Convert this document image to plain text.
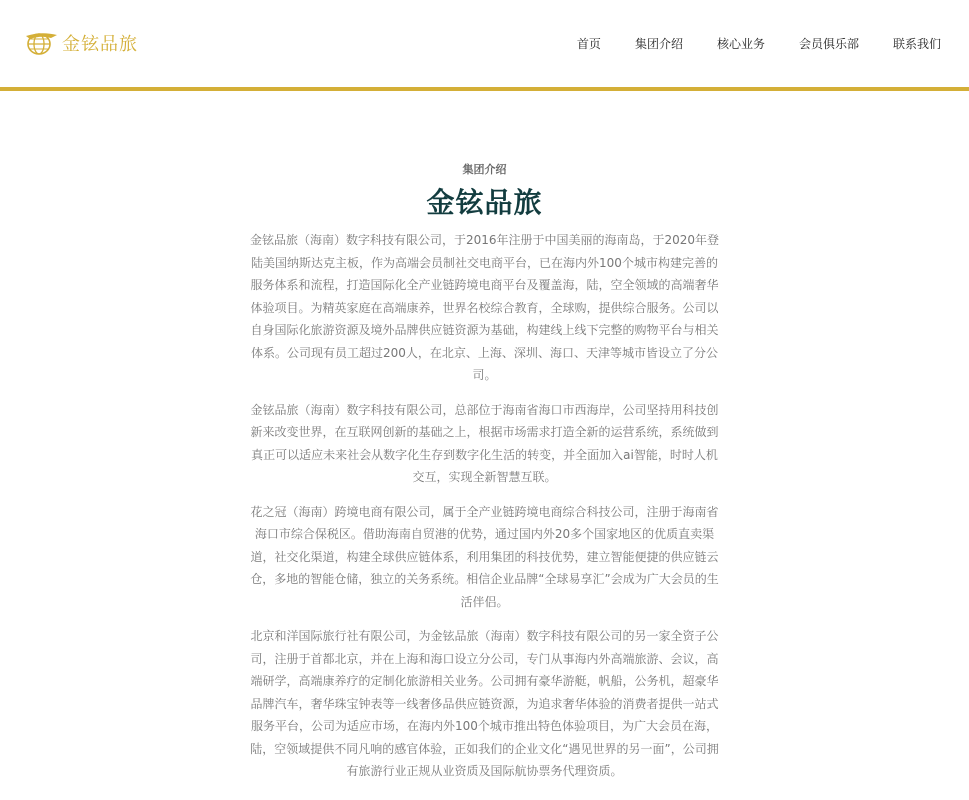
金铉品旅	首页	集团介绍	核心业务	会员俱乐部	联系我们
集团介绍
金铉品旅

金铉品旅（海南）数字科技有限公司，于2016年注册于中国美丽的海南岛，于2020年登陆美国纳斯达克主板，作为高端会员制社交电商平台，已在海内外100个城市构建完善的服务体系和流程，打造国际化全产业链跨境电商平台及覆盖海，陆，空全领域的高端奢华体验项目。为精英家庭在高端康养，世界名校综合教育，全球购，提供综合服务。公司以自身国际化旅游资源及境外品牌供应链资源为基础，构建线上线下完整的购物平台与相关体系。公司现有员工超过200人，在北京、上海、深圳、海口、天津等城市皆设立了分公司。

金铉品旅（海南）数字科技有限公司，总部位于海南省海口市西海岸，公司坚持用科技创新来改变世界，在互联网创新的基础之上，根据市场需求打造全新的运营系统，系统做到真正可以适应未来社会从数字化生存到数字化生活的转变，并全面加入ai智能，时时人机交互，实现全新智慧互联。

花之冠（海南）跨境电商有限公司，属于全产业链跨境电商综合科技公司，注册于海南省海口市综合保税区。借助海南自贸港的优势，通过国内外20多个国家地区的优质直卖渠道，社交化渠道，构建全球供应链体系，利用集团的科技优势，建立智能便捷的供应链云仓，多地的智能仓储，独立的关务系统。相信企业品牌“全球易享汇”会成为广大会员的生活伴侣。

北京和洋国际旅行社有限公司，为金铉品旅（海南）数字科技有限公司的另一家全资子公司，注册于首都北京，并在上海和海口设立分公司，专门从事海内外高端旅游、会议，高端研学，高端康养疗的定制化旅游相关业务。公司拥有豪华游艇，帆船，公务机，超豪华品牌汽车，奢华珠宝钟表等一线奢侈品供应链资源，为追求奢华体验的消费者提供一站式服务平台，公司为适应市场，在海内外100个城市推出特色体验项目，为广大会员在海，陆，空领域提供不同凡响的感官体验，正如我们的企业文化“遇见世界的另一面”，公司拥有旅游行业正规从业资质及国际航协票务代理资质。
